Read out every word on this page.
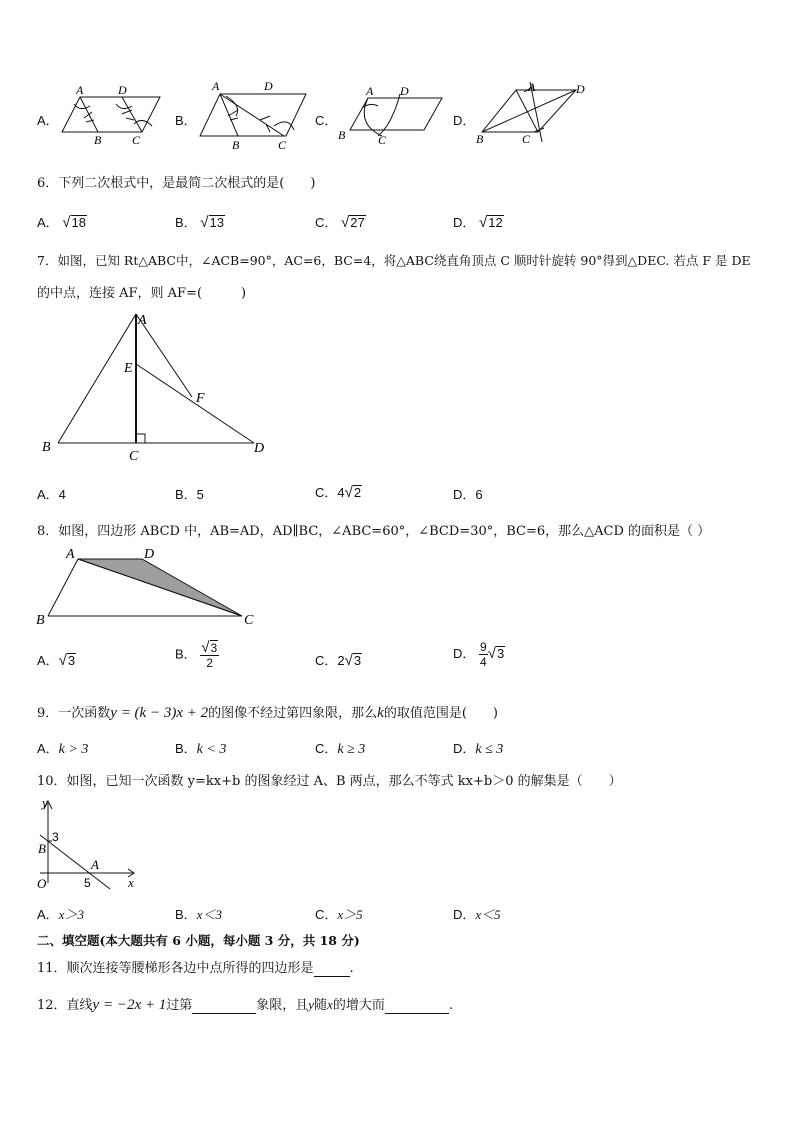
A．
A	D
B	C
B．
A	D
B	C
C．
A D
B	C
D．
A	D
B	C
6．下列二次根式中，是最简二次根式的是(　　)
A． √18	B． √13	C． √27	D． √12
7．如图，已知 Rt△ABC中，∠ACB=90°，AC=6，BC=4，将△ABC绕直角顶点 C 顺时针旋转 90°得到△DEC. 若点 F 是 DE
的中点，连接 AF，则 AF=(　　　)
A
E
F
B
C
D
A．4	B．5	C．4√2	D．6
8．如图，四边形 ABCD 中，AB=AD，AD∥BC，∠ABC=60°，∠BCD=30°，BC=6，那么△ACD 的面积是（ ）
A	D
B	C
A．√3	B． $\frac{√3}{2}$	C．2√3	D． $\frac{9}{4} √3$
9．一次函数y = (k − 3)x + 2的图像不经过第四象限，那么k的取值范围是(　　)
A．k > 3	B．k < 3	C．k ≥ 3	D．k ≤ 3
10．如图，已知一次函数 y=kx+b 的图象经过 A、B 两点，那么不等式 kx+b＞0 的解集是（　　）
y
x
O
B
A
3
5
A．x＞3	B．x＜3	C．x＞5	D．x＜5
二、填空题(本大题共有 6 小题，每小题 3 分，共 18 分)
11．顺次连接等腰梯形各边中点所得的四边形是	.
12．直线y = −2x + 1过第	象限，且y随x的增大而	.
